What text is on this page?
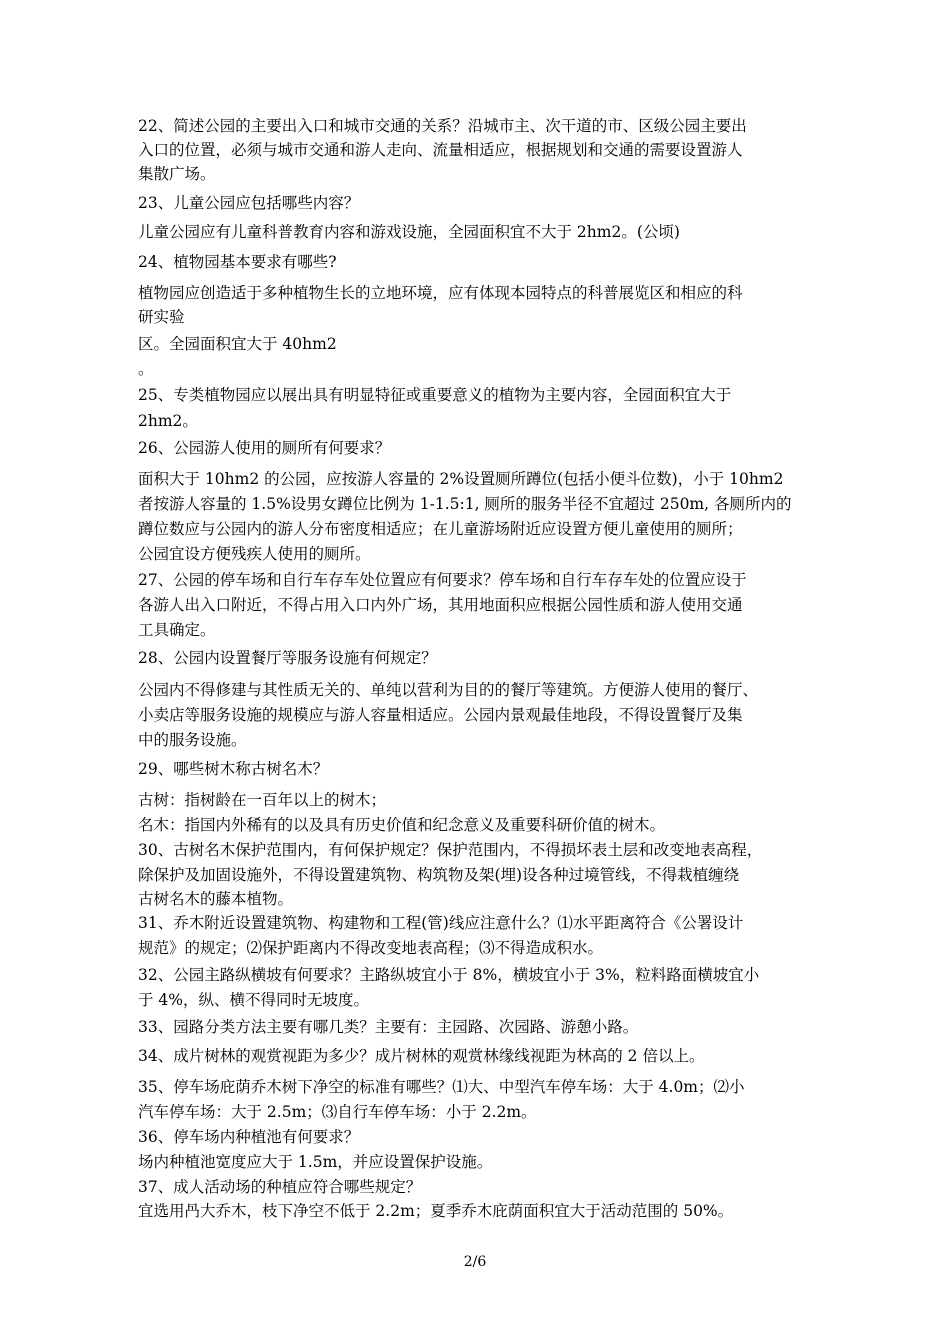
22、简述公园的主要出入口和城市交通的关系？沿城市主、次干道的市、区级公园主要出
入口的位置，必须与城市交通和游人走向、流量相适应，根据规划和交通的需要设置游人
集散广场。
23、儿童公园应包括哪些内容？
儿童公园应有儿童科普教育内容和游戏设施，全园面积宜不大于 2hm2。(公顷)
24、植物园基本要求有哪些?
植物园应创造适于多种植物生长的立地环境，应有体现本园特点的科普展览区和相应的科
研实验
区。全园面积宜大于 40hm2
。
25、专类植物园应以展出具有明显特征或重要意义的植物为主要内容，全园面积宜大于
2hm2。
26、公园游人使用的厕所有何要求？
面积大于 10hm2 的公园，应按游人容量的 2%设置厕所蹲位(包括小便斗位数)，小于 10hm2
者按游人容量的 1.5%设男女蹲位比例为 1-1.5:1, 厕所的服务半径不宜超过 250m, 各厕所内的
蹲位数应与公园内的游人分布密度相适应；在儿童游场附近应设置方便儿童使用的厕所；
公园宜设方便残疾人使用的厕所。
27、公园的停车场和自行车存车处位置应有何要求？停车场和自行车存车处的位置应设于
各游人出入口附近，不得占用入口内外广场，其用地面积应根据公园性质和游人使用交通
工具确定。
28、公园内设置餐厅等服务设施有何规定？
公园内不得修建与其性质无关的、单纯以营利为目的的餐厅等建筑。方便游人使用的餐厅、
小卖店等服务设施的规模应与游人容量相适应。公园内景观最佳地段，不得设置餐厅及集
中的服务设施。
29、哪些树木称古树名木？
古树：指树龄在一百年以上的树木；
名木：指国内外稀有的以及具有历史价值和纪念意义及重要科研价值的树木。
30、古树名木保护范围内，有何保护规定？保护范围内，不得损坏表土层和改变地表高程，
除保护及加固设施外，不得设置建筑物、构筑物及架(埋)设各种过境管线，不得栽植缠绕
古树名木的藤本植物。
31、乔木附近设置建筑物、构建物和工程(管)线应注意什么？⑴水平距离符合《公署设计
规范》的规定；⑵保护距离内不得改变地表高程；⑶不得造成积水。
32、公园主路纵横坡有何要求？主路纵坡宜小于 8%，横坡宜小于 3%，粒料路面横坡宜小
于 4%，纵、横不得同时无坡度。
33、园路分类方法主要有哪几类？主要有：主园路、次园路、游憩小路。
34、成片树林的观赏视距为多少？成片树林的观赏林缘线视距为林高的 2 倍以上。
35、停车场庇荫乔木树下净空的标准有哪些？⑴大、中型汽车停车场：大于 4.0m；⑵小
汽车停车场：大于 2.5m；⑶自行车停车场：小于 2.2m。
36、停车场内种植池有何要求？
场内种植池宽度应大于 1.5m，并应设置保护设施。
37、成人活动场的种植应符合哪些规定？
宜选用冎大乔木，枝下净空不低于 2.2m；夏季乔木庇荫面积宜大于活动范围的 50%。
2/6
